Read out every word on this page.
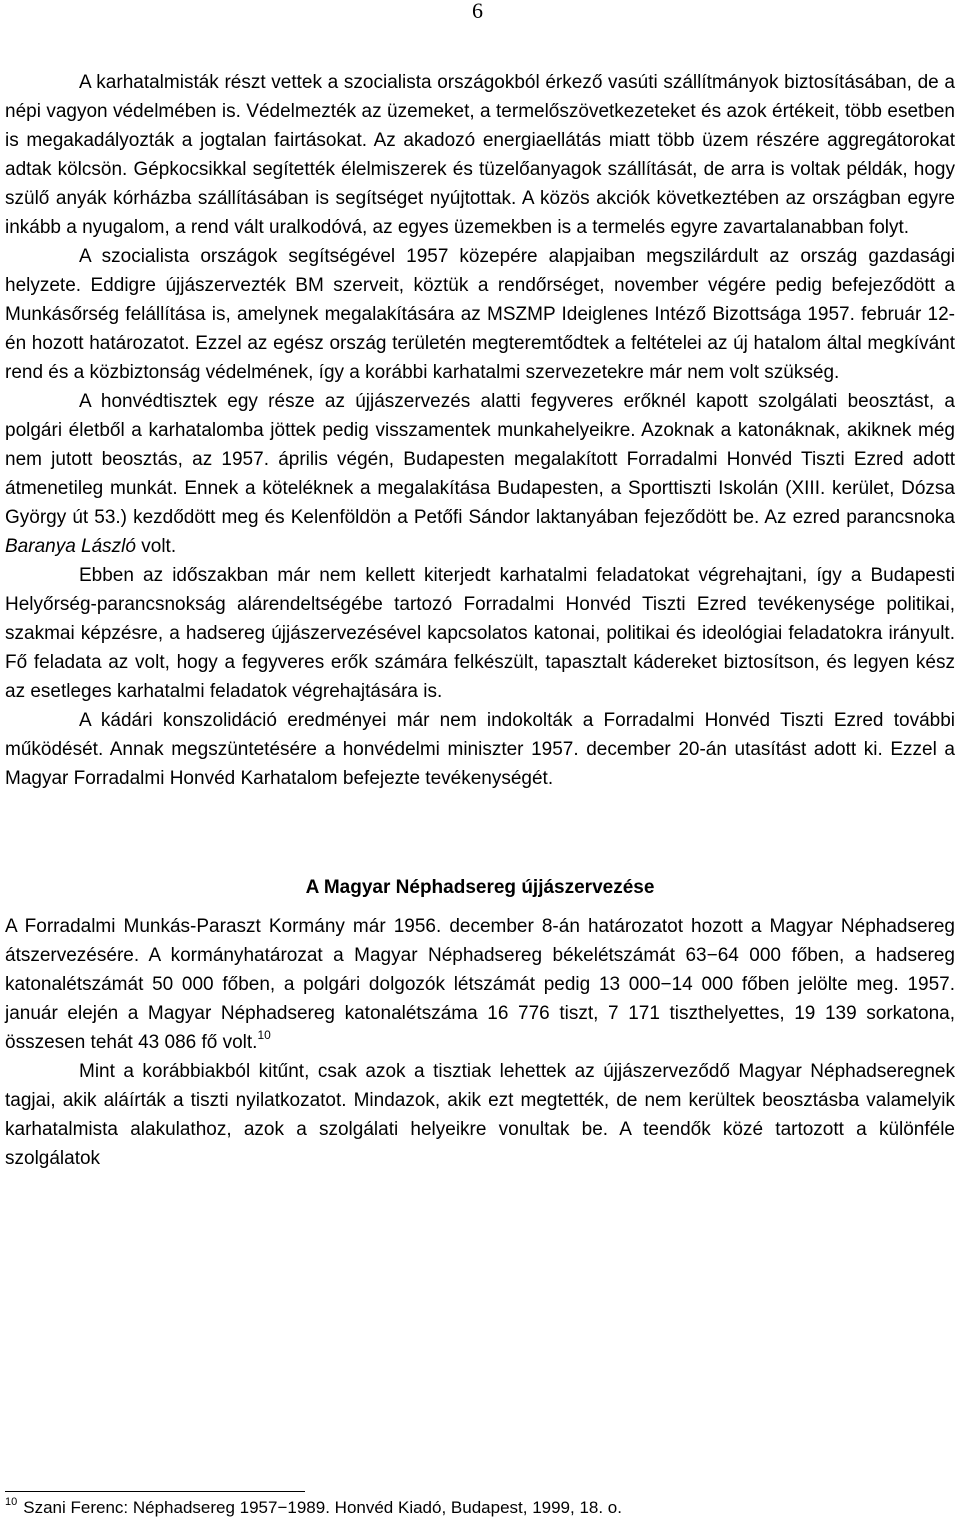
6

A karhatalmisták részt vettek a szocialista országokból érkező vasúti szállítmányok biztosításában, de a népi vagyon védelmében is. Védelmezték az üzemeket, a termelőszövetkezeteket és azok értékeit, több esetben is megakadályozták a jogtalan fairtásokat. Az akadozó energiaellátás miatt több üzem részére aggregátorokat adtak kölcsön. Gépkocsikkal segítették élelmiszerek és tüzelőanyagok szállítását, de arra is voltak példák, hogy szülő anyák kórházba szállításában is segítséget nyújtottak. A közös akciók következtében az országban egyre inkább a nyugalom, a rend vált uralkodóvá, az egyes üzemekben is a termelés egyre zavartalanabban folyt.

A szocialista országok segítségével 1957 közepére alapjaiban megszilárdult az ország gazdasági helyzete. Eddigre újjászervezték BM szerveit, köztük a rendőrséget, november végére pedig befejeződött a Munkásőrség felállítása is, amelynek megalakítására az MSZMP Ideiglenes Intéző Bizottsága 1957. február 12-én hozott határozatot. Ezzel az egész ország területén megteremtődtek a feltételei az új hatalom által megkívánt rend és a közbiztonság védelmének, így a korábbi karhatalmi szervezetekre már nem volt szükség.

A honvédtisztek egy része az újjászervezés alatti fegyveres erőknél kapott szolgálati beosztást, a polgári életből a karhatalomba jöttek pedig visszamentek munkahelyeikre. Azoknak a katonáknak, akiknek még nem jutott beosztás, az 1957. április végén, Budapesten megalakított Forradalmi Honvéd Tiszti Ezred adott átmenetileg munkát. Ennek a köteléknek a megalakítása Budapesten, a Sporttiszti Iskolán (XIII. kerület, Dózsa György út 53.) kezdődött meg és Kelenföldön a Petőfi Sándor laktanyában fejeződött be. Az ezred parancsnoka Baranya László volt.

Ebben az időszakban már nem kellett kiterjedt karhatalmi feladatokat végrehajtani, így a Budapesti Helyőrség-parancsnokság alárendeltségébe tartozó Forradalmi Honvéd Tiszti Ezred tevékenysége politikai, szakmai képzésre, a hadsereg újjászervezésével kapcsolatos katonai, politikai és ideológiai feladatokra irányult. Fő feladata az volt, hogy a fegyveres erők számára felkészült, tapasztalt kádereket biztosítson, és legyen kész az esetleges karhatalmi feladatok végrehajtására is.

A kádári konszolidáció eredményei már nem indokolták a Forradalmi Honvéd Tiszti Ezred további működését. Annak megszüntetésére a honvédelmi miniszter 1957. december 20-án utasítást adott ki. Ezzel a Magyar Forradalmi Honvéd Karhatalom befejezte tevékenységét.

A Magyar Néphadsereg újjászervezése

A Forradalmi Munkás-Paraszt Kormány már 1956. december 8-án határozatot hozott a Magyar Néphadsereg átszervezésére. A kormányhatározat a Magyar Néphadsereg békelétszámát 63−64 000 főben, a hadsereg katonalétszámát 50 000 főben, a polgári dolgozók létszámát pedig 13 000−14 000 főben jelölte meg. 1957. január elején a Magyar Néphadsereg katonalétszáma 16 776 tiszt, 7 171 tiszthelyettes, 19 139 sorkatona, összesen tehát 43 086 fő volt.$^{10}$

Mint a korábbiakból kitűnt, csak azok a tisztiak lehettek az újjászerveződő Magyar Néphadseregnek tagjai, akik aláírták a tiszti nyilatkozatot. Mindazok, akik ezt megtették, de nem kerültek beosztásba valamelyik karhatalmista alakulathoz, azok a szolgálati helyeikre vonultak be. A teendők közé tartozott a különféle szolgálatok

$^{10}$ Szani Ferenc: Néphadsereg 1957−1989. Honvéd Kiadó, Budapest, 1999, 18. o.
